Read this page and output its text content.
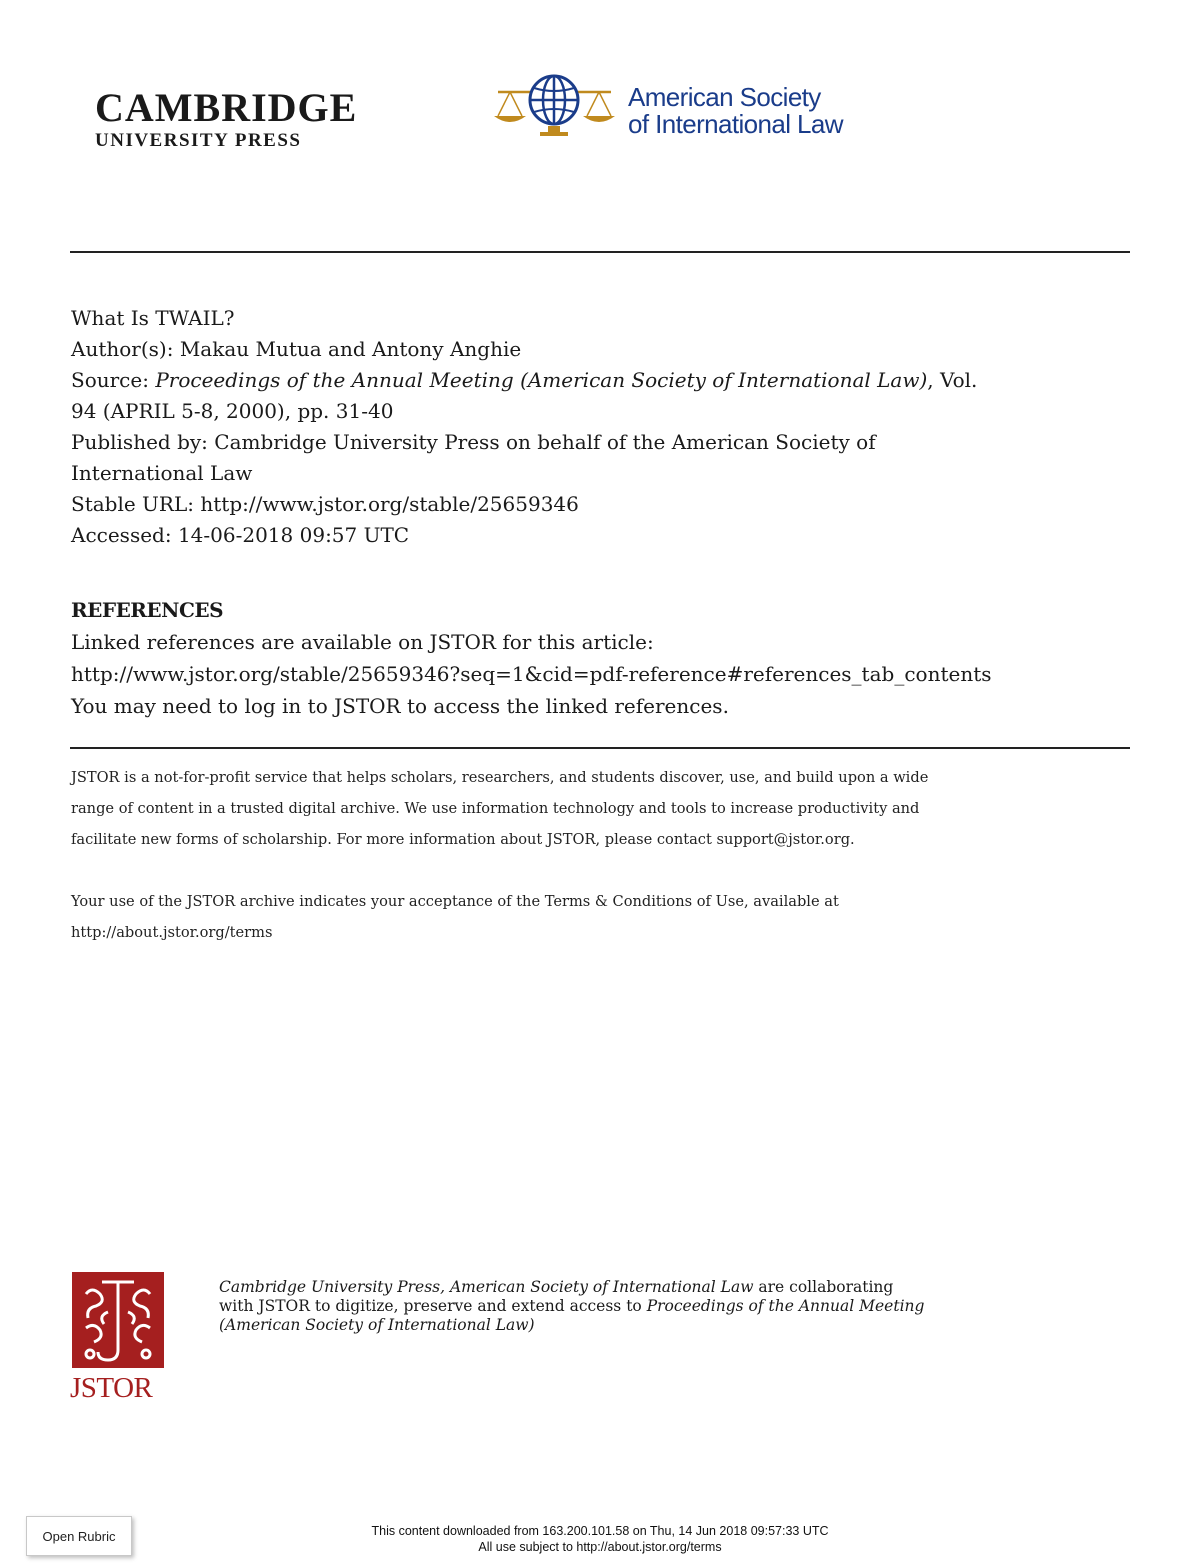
CAMBRIDGE
UNIVERSITY PRESS
American Society
of International Law
What Is TWAIL?
Author(s): Makau Mutua and Antony Anghie
Source: Proceedings of the Annual Meeting (American Society of International Law), Vol.
94 (APRIL 5-8, 2000), pp. 31-40
Published by: Cambridge University Press on behalf of the American Society of
International Law
Stable URL: http://www.jstor.org/stable/25659346
Accessed: 14-06-2018 09:57 UTC
REFERENCES
Linked references are available on JSTOR for this article:
http://www.jstor.org/stable/25659346?seq=1&cid=pdf-reference#references_tab_contents
You may need to log in to JSTOR to access the linked references.
JSTOR is a not-for-profit service that helps scholars, researchers, and students discover, use, and build upon a wide
range of content in a trusted digital archive. We use information technology and tools to increase productivity and
facilitate new forms of scholarship. For more information about JSTOR, please contact support@jstor.org.
Your use of the JSTOR archive indicates your acceptance of the Terms & Conditions of Use, available at
http://about.jstor.org/terms
JSTOR
Cambridge University Press, American Society of International Law are collaborating
with JSTOR to digitize, preserve and extend access to Proceedings of the Annual Meeting
(American Society of International Law)
Open Rubric	This content downloaded from 163.200.101.58 on Thu, 14 Jun 2018 09:57:33 UTC
All use subject to http://about.jstor.org/terms
